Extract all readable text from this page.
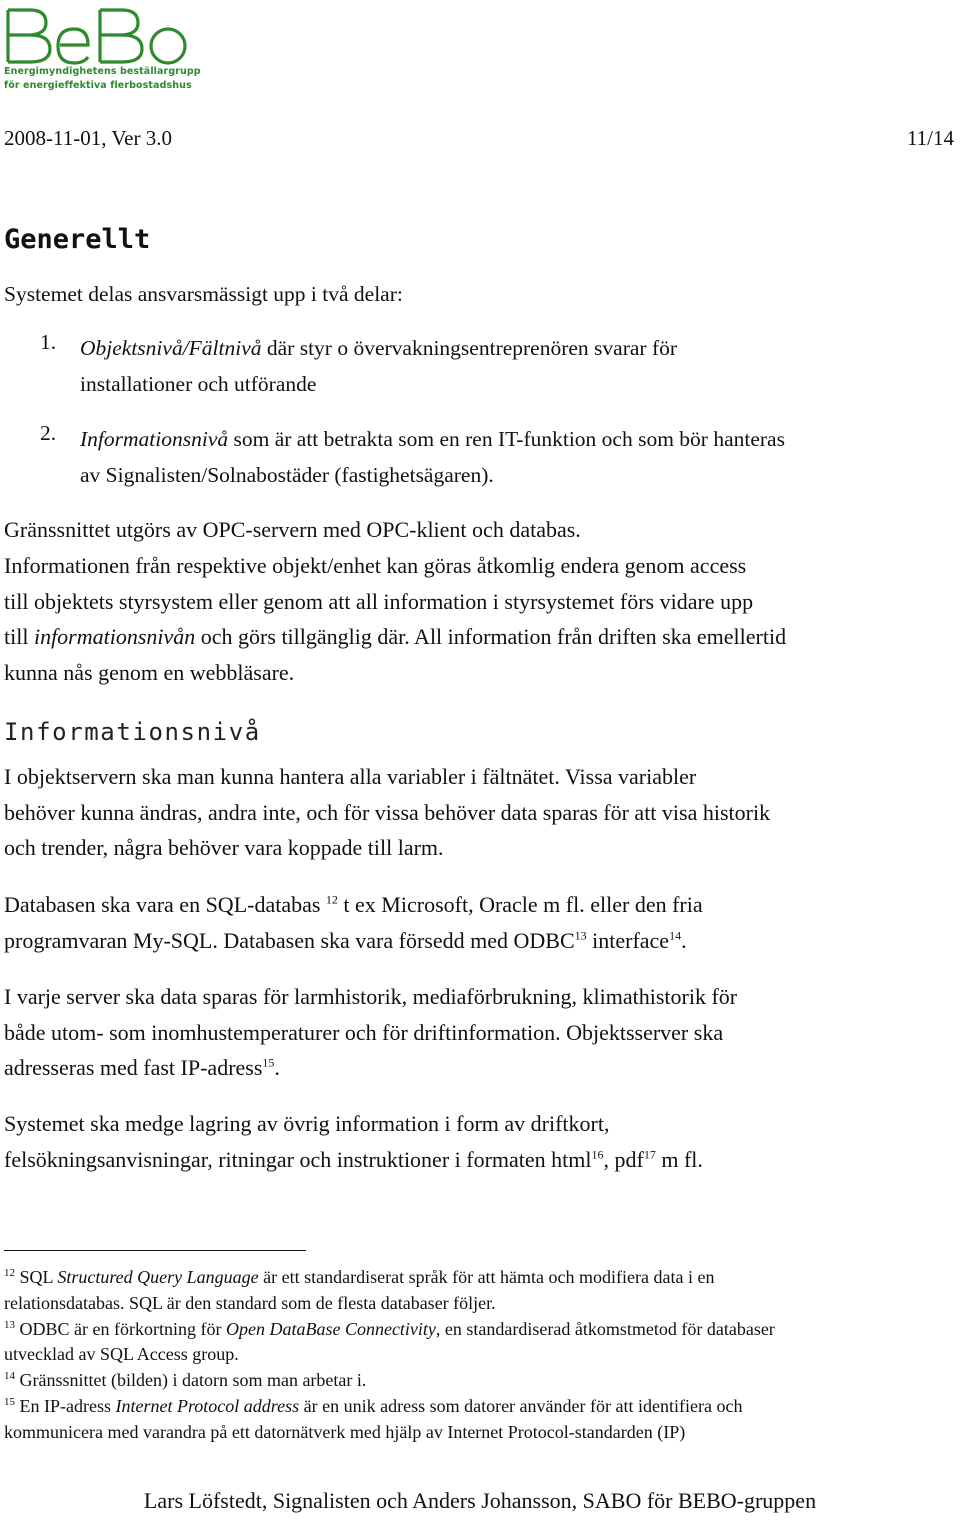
Energimyndighetens beställargrupp
för energieffektiva flerbostadshus
2008-11-01, Ver 3.0	11/14
Generellt
Systemet delas ansvarsmässigt upp i två delar:
1. Objektsnivå/Fältnivå där styr o övervakningsentreprenören svarar för
installationer och utförande
2. Informationsnivå som är att betrakta som en ren IT-funktion och som bör hanteras
av Signalisten/Solnabostäder (fastighetsägaren).
Gränssnittet utgörs av OPC-servern med OPC-klient och databas.
Informationen från respektive objekt/enhet kan göras åtkomlig endera genom access
till objektets styrsystem eller genom att all information i styrsystemet förs vidare upp
till informationsnivån och görs tillgänglig där. All information från driften ska emellertid
kunna nås genom en webbläsare.
Informationsnivå
I objektservern ska man kunna hantera alla variabler i fältnätet. Vissa variabler
behöver kunna ändras, andra inte, och för vissa behöver data sparas för att visa historik
och trender, några behöver vara koppade till larm.
Databasen ska vara en SQL-databas $^{12}$ t ex Microsoft, Oracle m fl. eller den fria
programvaran My-SQL. Databasen ska vara försedd med ODBC$^{13}$ interface$^{14}$.
I varje server ska data sparas för larmhistorik, mediaförbrukning, klimathistorik för
både utom- som inomhustemperaturer och för driftinformation. Objektsserver ska
adresseras med fast IP-adress$^{15}$.
Systemet ska medge lagring av övrig information i form av driftkort,
felsökningsanvisningar, ritningar och instruktioner i formaten html$^{16}$, pdf$^{17}$ m fl.
$^{12}$ SQL Structured Query Language är ett standardiserat språk för att hämta och modifiera data i en
relationsdatabas. SQL är den standard som de flesta databaser följer.
$^{13}$ ODBC är en förkortning för Open DataBase Connectivity, en standardiserad åtkomstmetod för databaser
utvecklad av SQL Access group.
$^{14}$ Gränssnittet (bilden) i datorn som man arbetar i.
$^{15}$ En IP-adress Internet Protocol address är en unik adress som datorer använder för att identifiera och
kommunicera med varandra på ett datornätverk med hjälp av Internet Protocol-standarden (IP)
Lars Löfstedt, Signalisten och Anders Johansson, SABO för BEBO-gruppen
